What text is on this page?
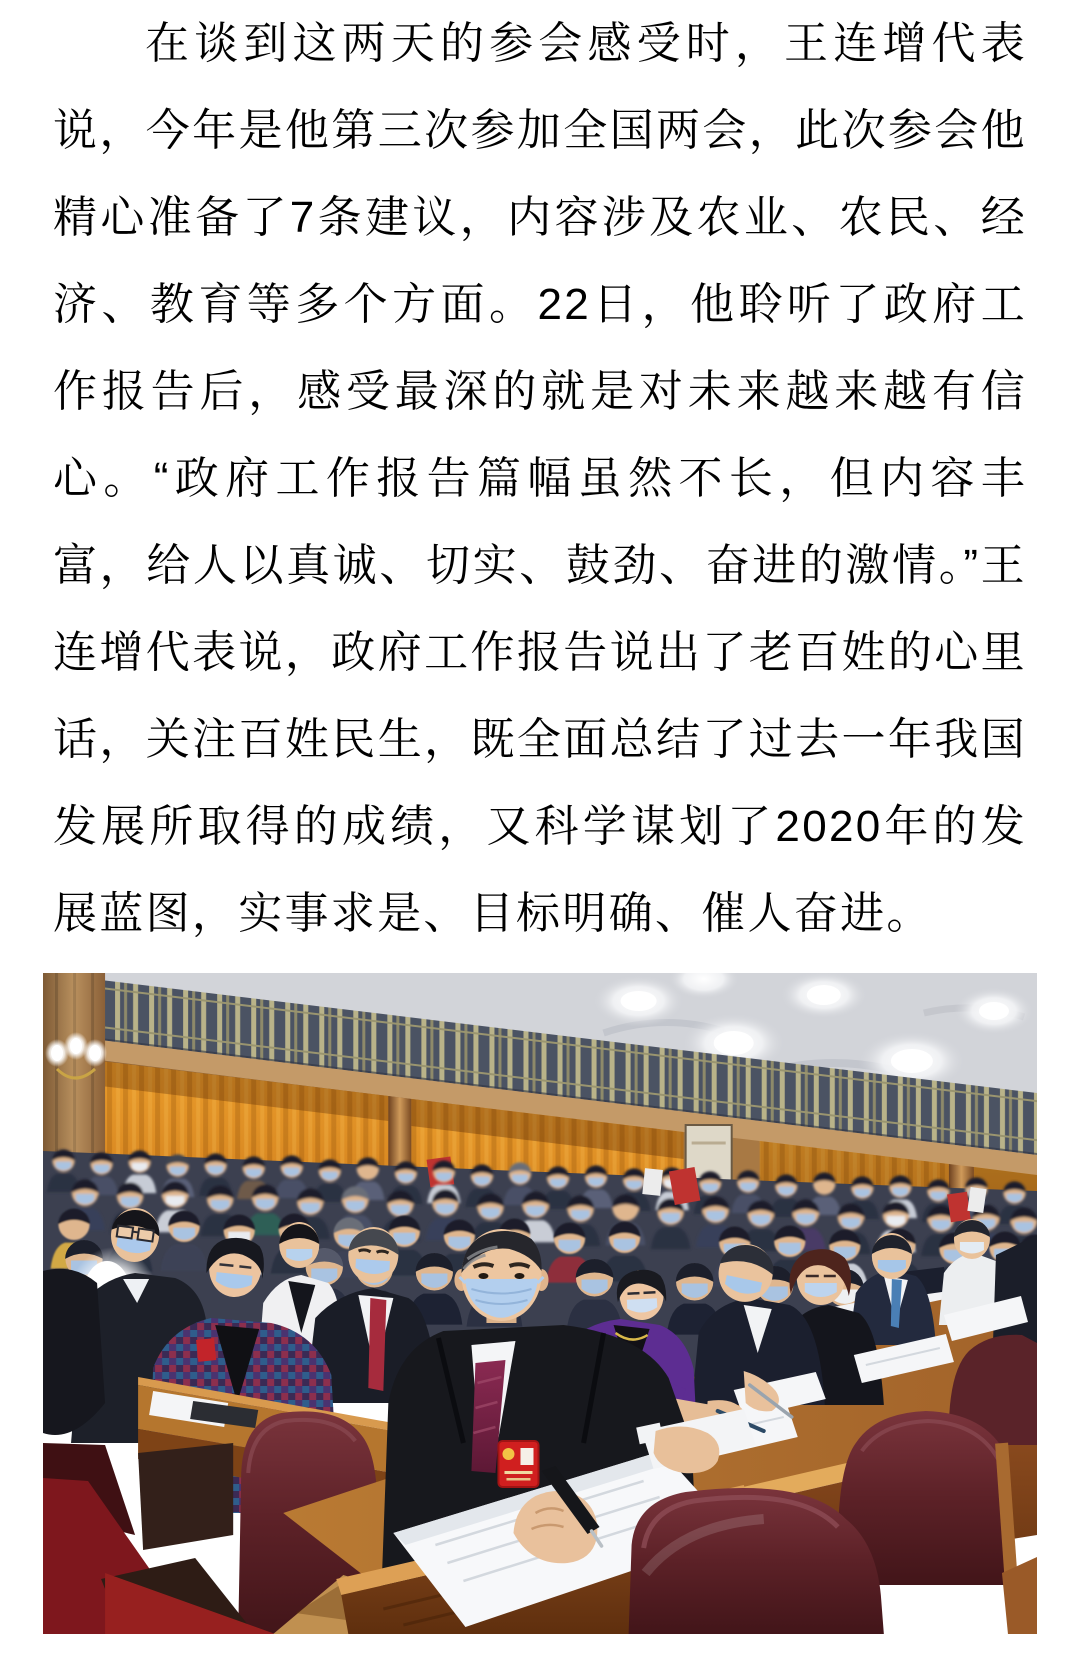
在谈到这两天的参会感受时，王连增代表说，今年是他第三次参加全国两会，此次参会他精心准备了7条建议，内容涉及农业、农民、经济、教育等多个方面。22日，他聆听了政府工作报告后，感受最深的就是对未来越来越有信心。“政府工作报告篇幅虽然不长，但内容丰富，给人以真诚、切实、鼓劲、奋进的激情。”王连增代表说，政府工作报告说出了老百姓的心里话，关注百姓民生，既全面总结了过去一年我国发展所取得的成绩，又科学谋划了2020年的发展蓝图，实事求是、目标明确、催人奋进。
